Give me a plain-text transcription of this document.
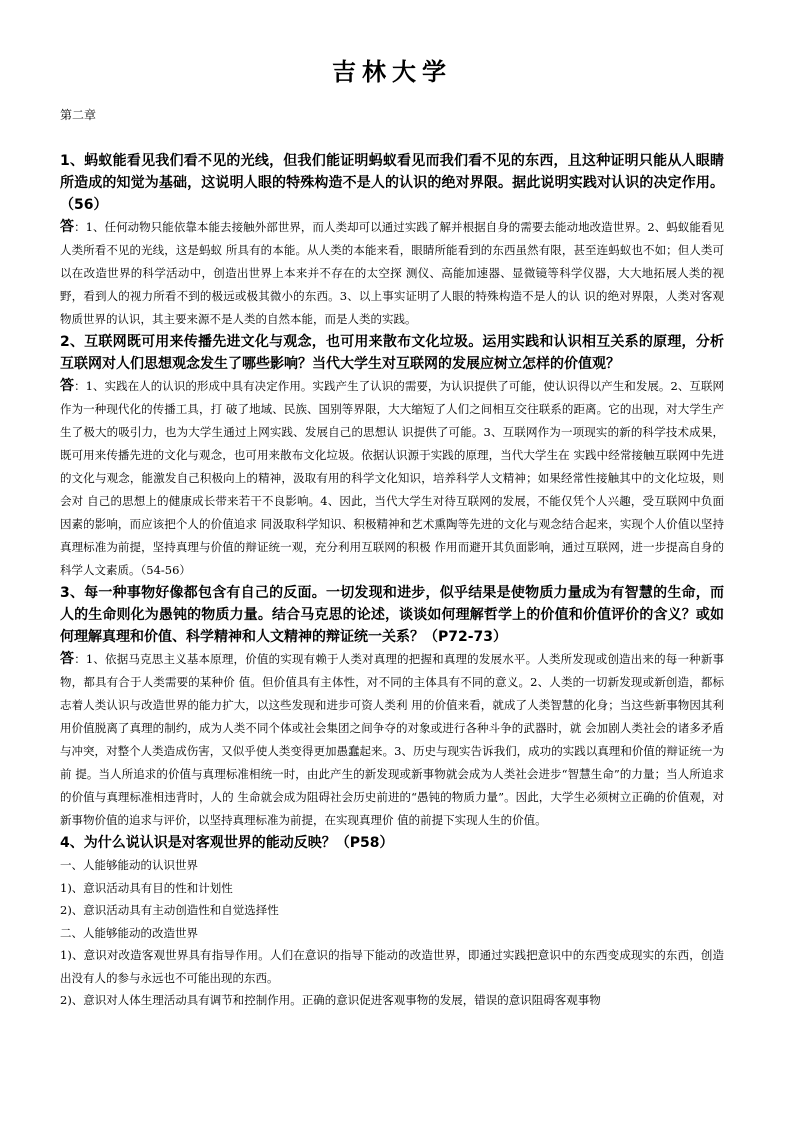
吉林大学
第二章

1、蚂蚁能看见我们看不见的光线，但我们能证明蚂蚁看见而我们看不见的东西，且这种证明只能从人眼睛所造成的知觉为基础，这说明人眼的特殊构造不是人的认识的绝对界限。据此说明实践对认识的决定作用。（56）

答：1、任何动物只能依靠本能去接触外部世界，而人类却可以通过实践了解并根据自身的需要去能动地改造世界。2、蚂蚁能看见人类所看不见的光线，这是蚂蚁 所具有的本能。从人类的本能来看，眼睛所能看到的东西虽然有限，甚至连蚂蚁也不如；但人类可以在改造世界的科学活动中，创造出世界上本来并不存在的太空探 测仪、高能加速器、显微镜等科学仪器，大大地拓展人类的视野，看到人的视力所看不到的极远或极其微小的东西。3、以上事实证明了人眼的特殊构造不是人的认 识的绝对界限，人类对客观物质世界的认识，其主要来源不是人类的自然本能，而是人类的实践。

2、互联网既可用来传播先进文化与观念，也可用来散布文化垃圾。运用实践和认识相互关系的原理，分析互联网对人们思想观念发生了哪些影响？当代大学生对互联网的发展应树立怎样的价值观？

答：1、实践在人的认识的形成中具有决定作用。实践产生了认识的需要，为认识提供了可能，使认识得以产生和发展。2、互联网作为一种现代化的传播工具，打 破了地域、民族、国别等界限，大大缩短了人们之间相互交往联系的距离。它的出现，对大学生产生了极大的吸引力，也为大学生通过上网实践、发展自己的思想认 识提供了可能。3、互联网作为一项现实的新的科学技术成果，既可用来传播先进的文化与观念，也可用来散布文化垃圾。依据认识源于实践的原理，当代大学生在 实践中经常接触互联网中先进的文化与观念，能激发自己积极向上的精神，汲取有用的科学文化知识，培养科学人文精神；如果经常性接触其中的文化垃圾，则会对 自己的思想上的健康成长带来若干不良影响。4、因此，当代大学生对待互联网的发展，不能仅凭个人兴趣，受互联网中负面因素的影响，而应该把个人的价值追求 同汲取科学知识、积极精神和艺术熏陶等先进的文化与观念结合起来，实现个人价值以坚持真理标准为前提，坚持真理与价值的辩证统一观，充分利用互联网的积极 作用而避开其负面影响，通过互联网，进一步提高自身的科学人文素质。（54-56）

3、每一种事物好像都包含有自己的反面。一切发现和进步，似乎结果是使物质力量成为有智慧的生命，而人的生命则化为愚钝的物质力量。结合马克思的论述，谈谈如何理解哲学上的价值和价值评价的含义？或如何理解真理和价值、科学精神和人文精神的辩证统一关系？（P72-73）

答：1、依据马克思主义基本原理，价值的实现有赖于人类对真理的把握和真理的发展水平。人类所发现或创造出来的每一种新事物，都具有合于人类需要的某种价 值。但价值具有主体性，对不同的主体具有不同的意义。2、人类的一切新发现或新创造，都标志着人类认识与改造世界的能力扩大，以这些发现和进步可资人类利 用的价值来看，就成了人类智慧的化身；当这些新事物因其利用价值脱离了真理的制约，成为人类不同个体或社会集团之间争夺的对象或进行各种斗争的武器时，就 会加剧人类社会的诸多矛盾与冲突，对整个人类造成伤害，又似乎使人类变得更加愚蠢起来。3、历史与现实告诉我们，成功的实践以真理和价值的辩证统一为前 提。当人所追求的价值与真理标准相统一时，由此产生的新发现或新事物就会成为人类社会进步“智慧生命”的力量；当人所追求的价值与真理标准相违背时，人的 生命就会成为阻碍社会历史前进的“愚钝的物质力量”。因此，大学生必须树立正确的价值观，对新事物价值的追求与评价，以坚持真理标准为前提，在实现真理价 值的前提下实现人生的价值。

4、为什么说认识是对客观世界的能动反映？（P58）

一、人能够能动的认识世界

1)、意识活动具有目的性和计划性

2)、意识活动具有主动创造性和自觉选择性

二、人能够能动的改造世界

1)、意识对改造客观世界具有指导作用。人们在意识的指导下能动的改造世界，即通过实践把意识中的东西变成现实的东西，创造出没有人的参与永远也不可能出现的东西。

2)、意识对人体生理活动具有调节和控制作用。正确的意识促进客观事物的发展，错误的意识阻碍客观事物
